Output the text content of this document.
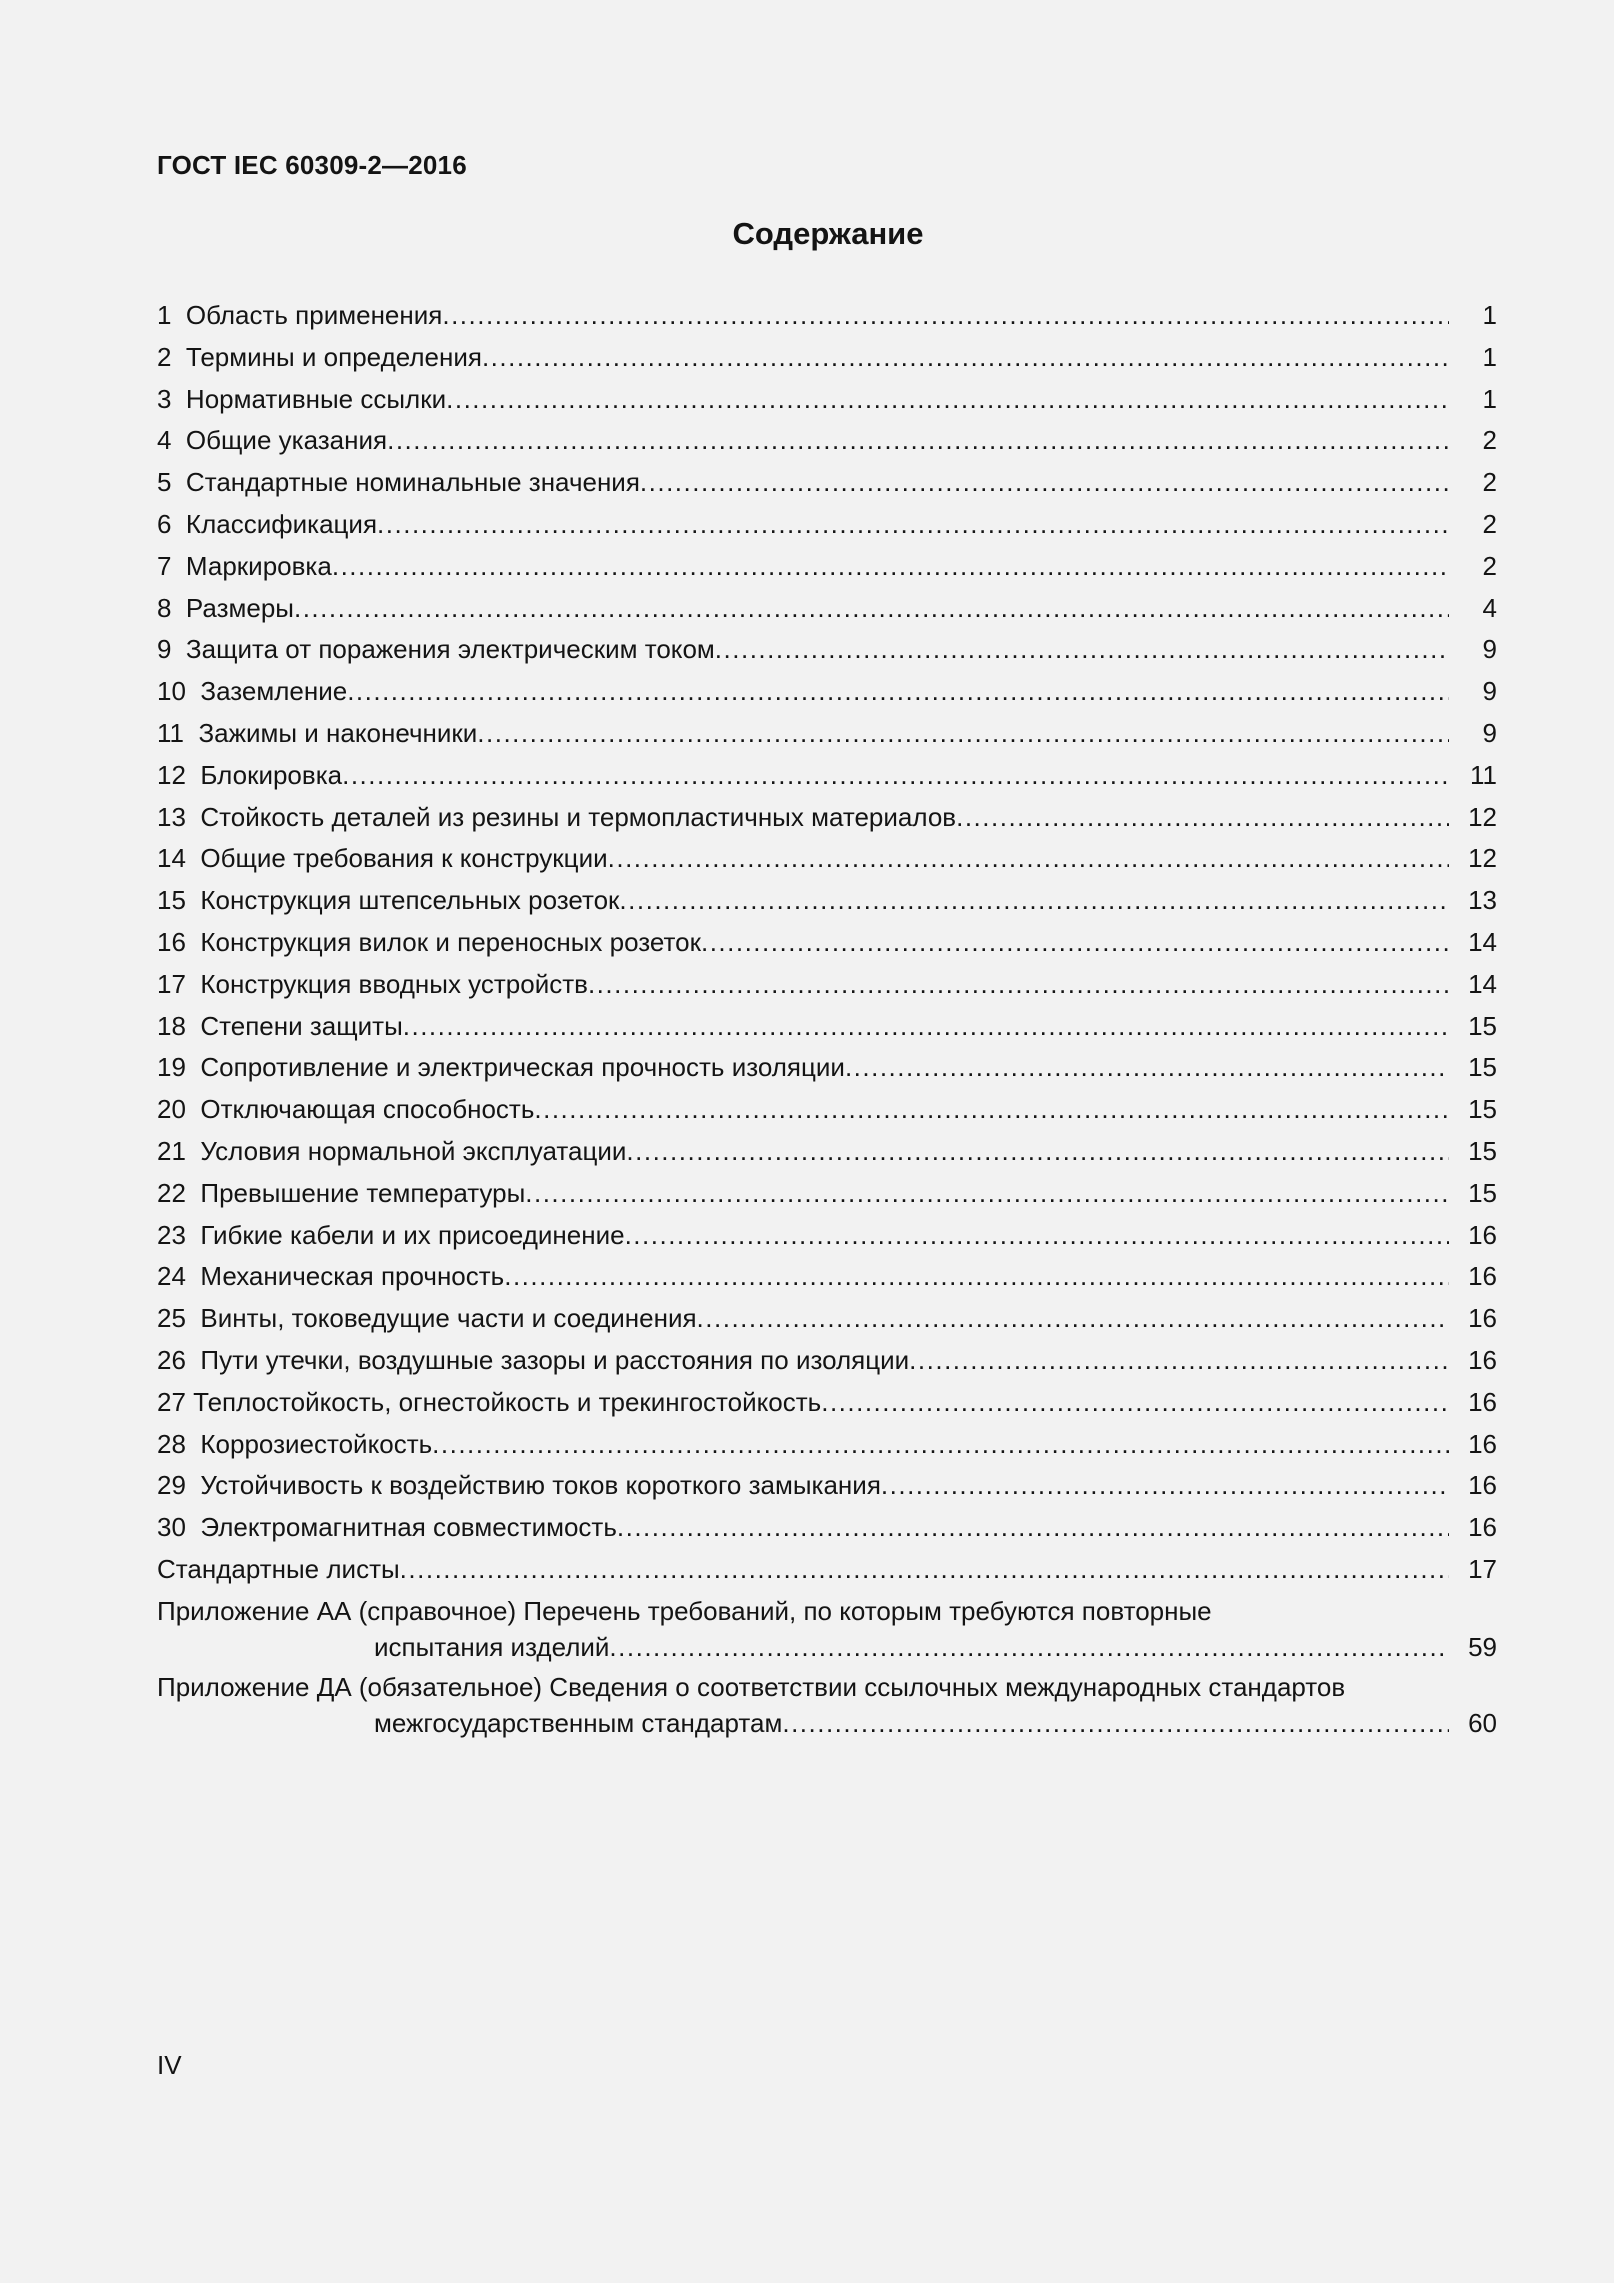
ГОСТ IEC 60309-2—2016
Содержание
1 Область применения .....	1
2 Термины и определения .....	1
3 Нормативные ссылки .....	1
4 Общие указания .....	2
5 Стандартные номинальные значения .....	2
6 Классификация .....	2
7 Маркировка .....	2
8 Размеры .....	4
9 Защита от поражения электрическим током .....	9
10 Заземление .....	9
11 Зажимы и наконечники .....	9
12 Блокировка .....	11
13 Стойкость деталей из резины и термопластичных материалов .....	12
14 Общие требования к конструкции .....	12
15 Конструкция штепсельных розеток .....	13
16 Конструкция вилок и переносных розеток .....	14
17 Конструкция вводных устройств .....	14
18 Степени защиты .....	15
19 Сопротивление и электрическая прочность изоляции .....	15
20 Отключающая способность .....	15
21 Условия нормальной эксплуатации .....	15
22 Превышение температуры .....	15
23 Гибкие кабели и их присоединение .....	16
24 Механическая прочность .....	16
25 Винты, токоведущие части и соединения .....	16
26 Пути утечки, воздушные зазоры и расстояния по изоляции .....	16
27 Теплостойкость, огнестойкость и трекингостойкость .....	16
28 Коррозиестойкость .....	16
29 Устойчивость к воздействию токов короткого замыкания .....	16
30 Электромагнитная совместимость .....	16
Стандартные листы .....	17
Приложение АА (справочное) Перечень требований, по которым требуются повторные
испытания изделий .....	59
Приложение ДА (обязательное) Сведения о соответствии ссылочных международных стандартов
межгосударственным стандартам .....	60
IV
